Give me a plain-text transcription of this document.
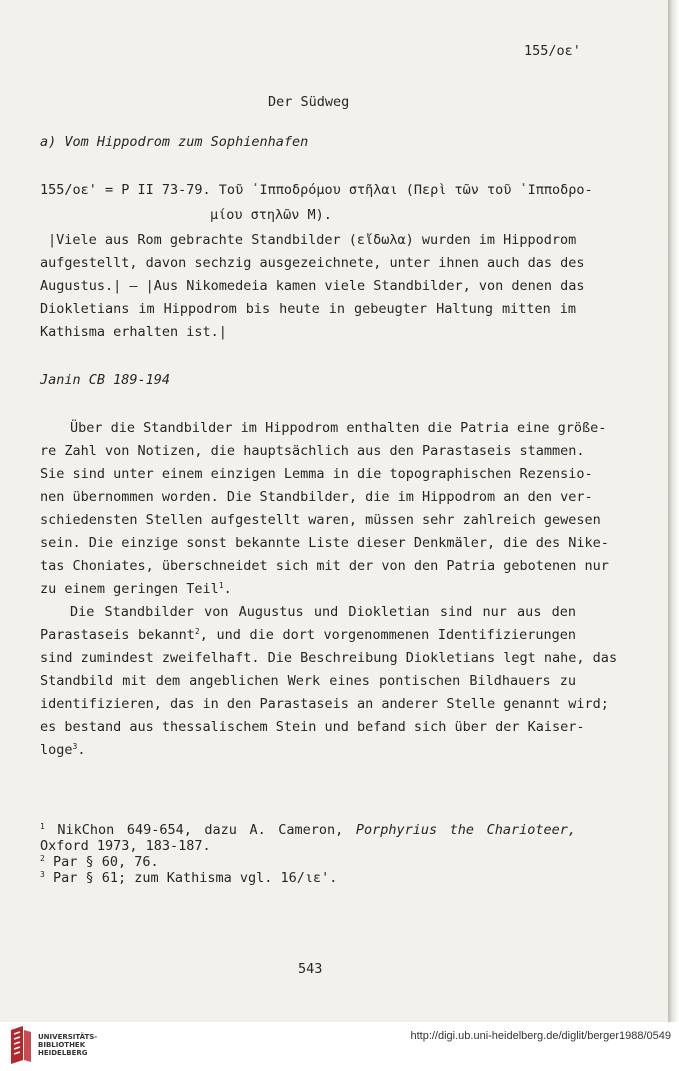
155/οε'
Der Südweg
a) Vom Hippodrom zum Sophienhafen
155/οε' = P II 73-79. Τοῦ ῾Ιπποδρόμου στῆλαι (Περὶ τῶν τοῦ ῾Ιπποδρο-
μίου στηλῶν M).
|Viele aus Rom gebrachte Standbilder (εἴδωλα) wurden im Hippodrom
aufgestellt, davon sechzig ausgezeichnete, unter ihnen auch das des
Augustus.| – |Aus Nikomedeia kamen viele Standbilder, von denen das
Diokletians im Hippodrom bis heute in gebeugter Haltung mitten im
Kathisma erhalten ist.|
Janin CB 189-194
Über die Standbilder im Hippodrom enthalten die Patria eine größe-
re Zahl von Notizen, die hauptsächlich aus den Parastaseis stammen.
Sie sind unter einem einzigen Lemma in die topographischen Rezensio-
nen übernommen worden. Die Standbilder, die im Hippodrom an den ver-
schiedensten Stellen aufgestellt waren, müssen sehr zahlreich gewesen
sein. Die einzige sonst bekannte Liste dieser Denkmäler, die des Nike-
tas Choniates, überschneidet sich mit der von den Patria gebotenen nur
zu einem geringen Teil$^1$.
Die Standbilder von Augustus und Diokletian sind nur aus den
Parastaseis bekannt$^2$, und die dort vorgenommenen Identifizierungen
sind zumindest zweifelhaft. Die Beschreibung Diokletians legt nahe, das
Standbild mit dem angeblichen Werk eines pontischen Bildhauers zu
identifizieren, das in den Parastaseis an anderer Stelle genannt wird;
es bestand aus thessalischem Stein und befand sich über der Kaiser-
loge$^3$.
$^1$ NikChon 649-654, dazu A. Cameron, Porphyrius the Charioteer,
Oxford 1973, 183-187.
$^2$ Par § 60, 76.
$^3$ Par § 61; zum Kathisma vgl. 16/ιε'.
543
UNIVERSITÄTS-
BIBLIOTHEK
HEIDELBERG
http://digi.ub.uni-heidelberg.de/diglit/berger1988/0549
